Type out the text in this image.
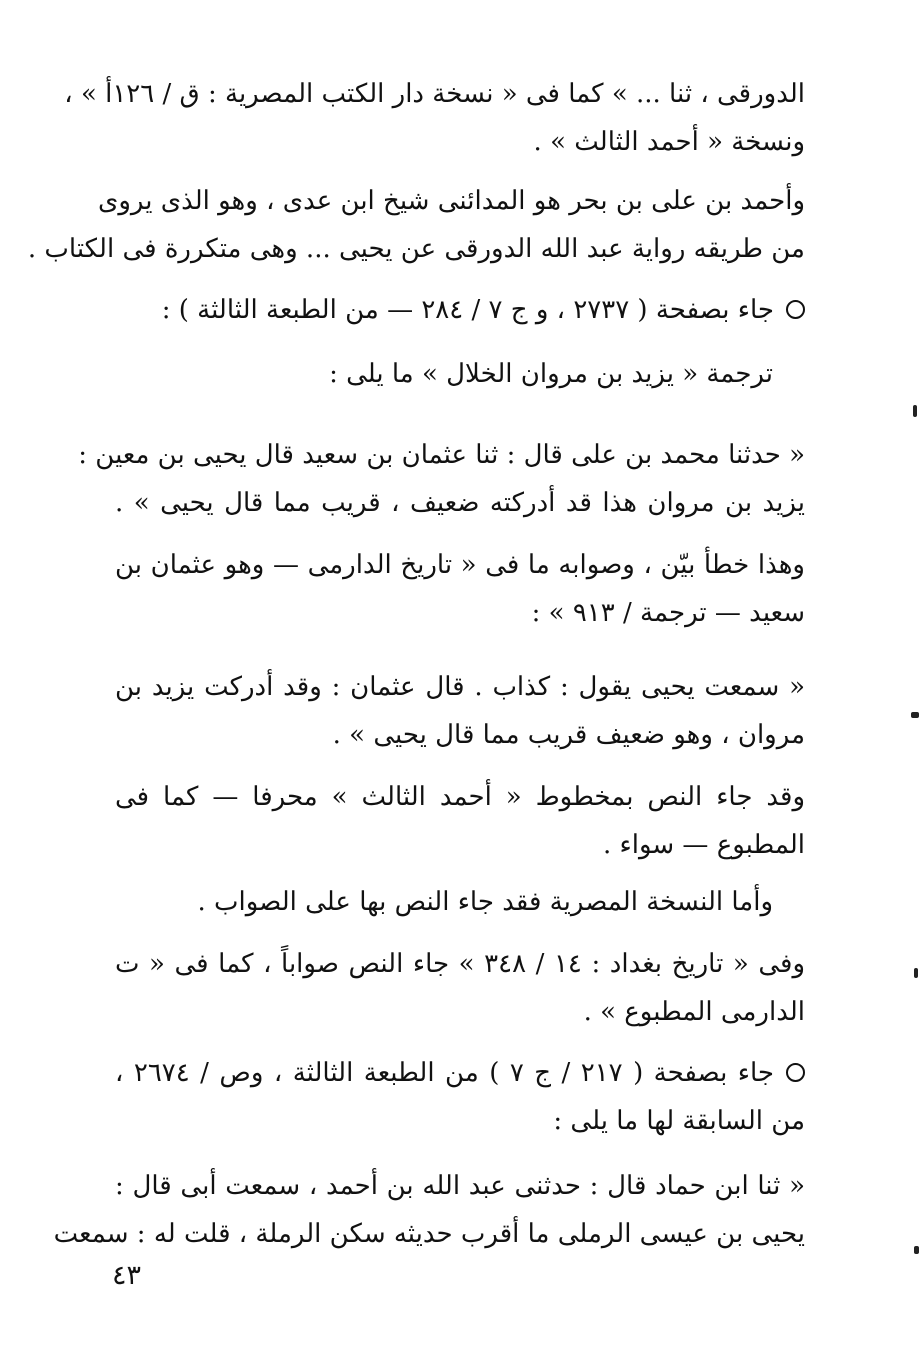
الدورقى ، ثنا ... » كما فى « نسخة دار الكتب المصرية : ق / ١٢٦أ » ،
ونسخة « أحمد الثالث » .
وأحمد بن على بن بحر هو المدائنى شيخ ابن عدى ، وهو الذى يروى
من طريقه رواية عبد الله الدورقى عن يحيى ... وهى متكررة فى الكتاب .
جاء بصفحة ( ٢٧٣٧ ، و ج ٧ / ٢٨٤ — من الطبعة الثالثة ) :
ترجمة « يزيد بن مروان الخلال » ما يلى :
« حدثنا محمد بن على قال : ثنا عثمان بن سعيد قال يحيى بن معين :
يزيد بن مروان هذا قد أدركته ضعيف ، قريب مما قال يحيى » .
وهذا خطأ بيّن ، وصوابه ما فى « تاريخ الدارمى — وهو عثمان بن
سعيد — ترجمة / ٩١٣ » :
« سمعت يحيى يقول : كذاب . قال عثمان : وقد أدركت يزيد بن
مروان ، وهو ضعيف قريب مما قال يحيى » .
وقد جاء النص بمخطوط « أحمد الثالث » محرفا — كما فى
المطبوع — سواء .
وأما النسخة المصرية فقد جاء النص بها على الصواب .
وفى « تاريخ بغداد : ١٤ / ٣٤٨ » جاء النص صواباً ، كما فى « ت
الدارمى المطبوع » .
جاء بصفحة ( ٢١٧ / ج ٧ ) من الطبعة الثالثة ، وص / ٢٦٧٤ ،
من السابقة لها ما يلى :
« ثنا ابن حماد قال : حدثنى عبد الله بن أحمد ، سمعت أبى قال :
يحيى بن عيسى الرملى ما أقرب حديثه سكن الرملة ، قلت له : سمعت
٤٣
